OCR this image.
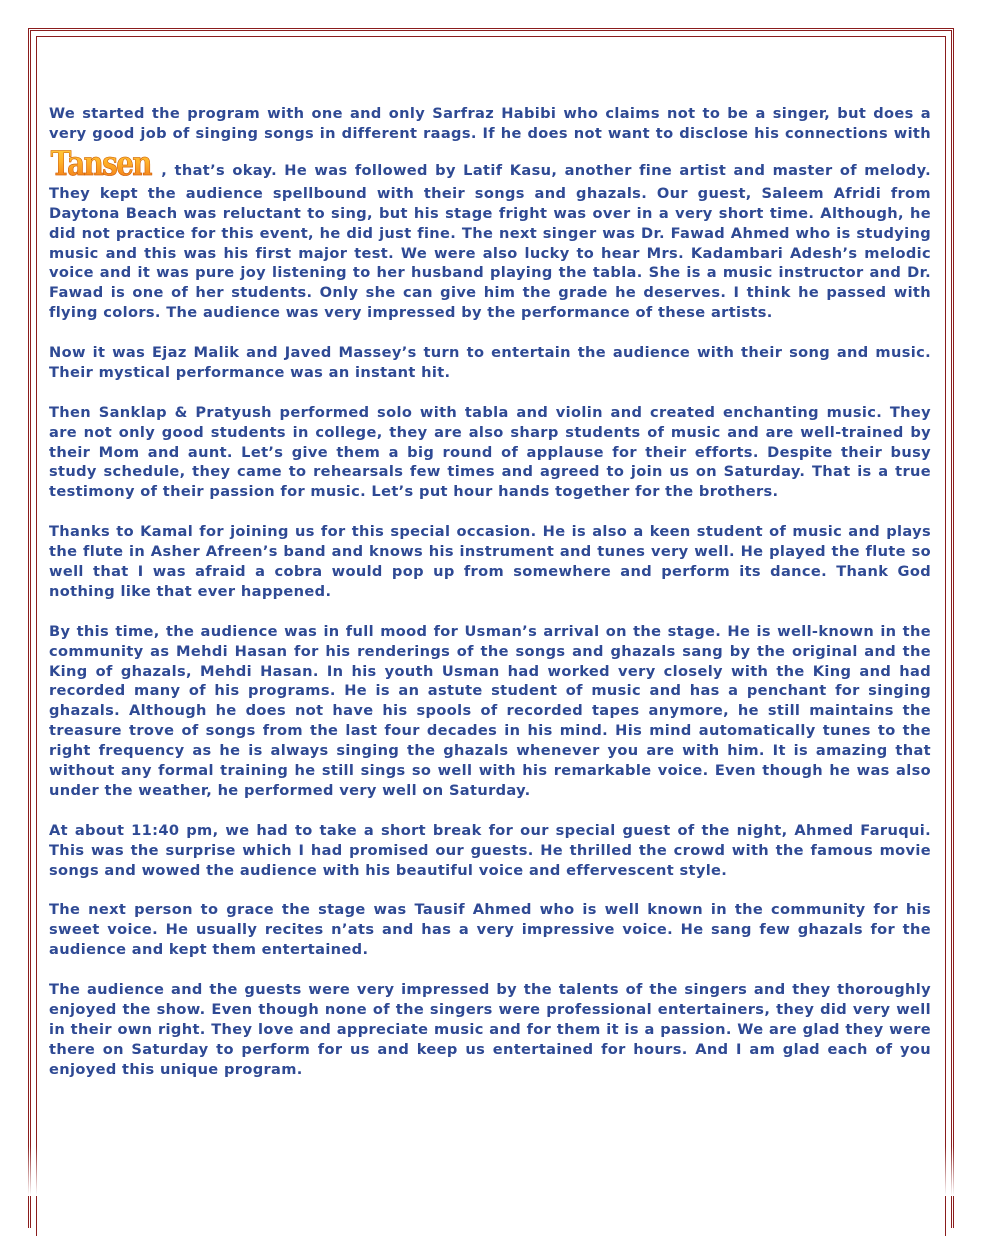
We started the program with one and only Sarfraz Habibi who claims not to be a singer, but does a very good job of singing songs in different raags. If he does not want to disclose his connections with Tansen , that’s okay. He was followed by Latif Kasu, another fine artist and master of melody. They kept the audience spellbound with their songs and ghazals. Our guest, Saleem Afridi from Daytona Beach was reluctant to sing, but his stage fright was over in a very short time. Although, he did not practice for this event, he did just fine. The next singer was Dr. Fawad Ahmed who is studying music and this was his first major test. We were also lucky to hear Mrs. Kadambari Adesh’s melodic voice and it was pure joy listening to her husband playing the tabla. She is a music instructor and Dr. Fawad is one of her students. Only she can give him the grade he deserves. I think he passed with flying colors. The audience was very impressed by the performance of these artists.

Now it was Ejaz Malik and Javed Massey’s turn to entertain the audience with their song and music. Their mystical performance was an instant hit.

Then Sanklap & Pratyush performed solo with tabla and violin and created enchanting music. They are not only good students in college, they are also sharp students of music and are well-trained by their Mom and aunt. Let’s give them a big round of applause for their efforts. Despite their busy study schedule, they came to rehearsals few times and agreed to join us on Saturday. That is a true testimony of their passion for music. Let’s put hour hands together for the brothers.

Thanks to Kamal for joining us for this special occasion. He is also a keen student of music and plays the flute in Asher Afreen’s band and knows his instrument and tunes very well. He played the flute so well that I was afraid a cobra would pop up from somewhere and perform its dance. Thank God nothing like that ever happened.

By this time, the audience was in full mood for Usman’s arrival on the stage. He is well-known in the community as Mehdi Hasan for his renderings of the songs and ghazals sang by the original and the King of ghazals, Mehdi Hasan. In his youth Usman had worked very closely with the King and had recorded many of his programs. He is an astute student of music and has a penchant for singing ghazals. Although he does not have his spools of recorded tapes anymore, he still maintains the treasure trove of songs from the last four decades in his mind. His mind automatically tunes to the right frequency as he is always singing the ghazals whenever you are with him. It is amazing that without any formal training he still sings so well with his remarkable voice. Even though he was also under the weather, he performed very well on Saturday.

At about 11:40 pm, we had to take a short break for our special guest of the night, Ahmed Faruqui. This was the surprise which I had promised our guests. He thrilled the crowd with the famous movie songs and wowed the audience with his beautiful voice and effervescent style.

The next person to grace the stage was Tausif Ahmed who is well known in the community for his sweet voice. He usually recites n’ats and has a very impressive voice. He sang few ghazals for the audience and kept them entertained.

The audience and the guests were very impressed by the talents of the singers and they thoroughly enjoyed the show. Even though none of the singers were professional entertainers, they did very well in their own right. They love and appreciate music and for them it is a passion. We are glad they were there on Saturday to perform for us and keep us entertained for hours. And I am glad each of you enjoyed this unique program.
